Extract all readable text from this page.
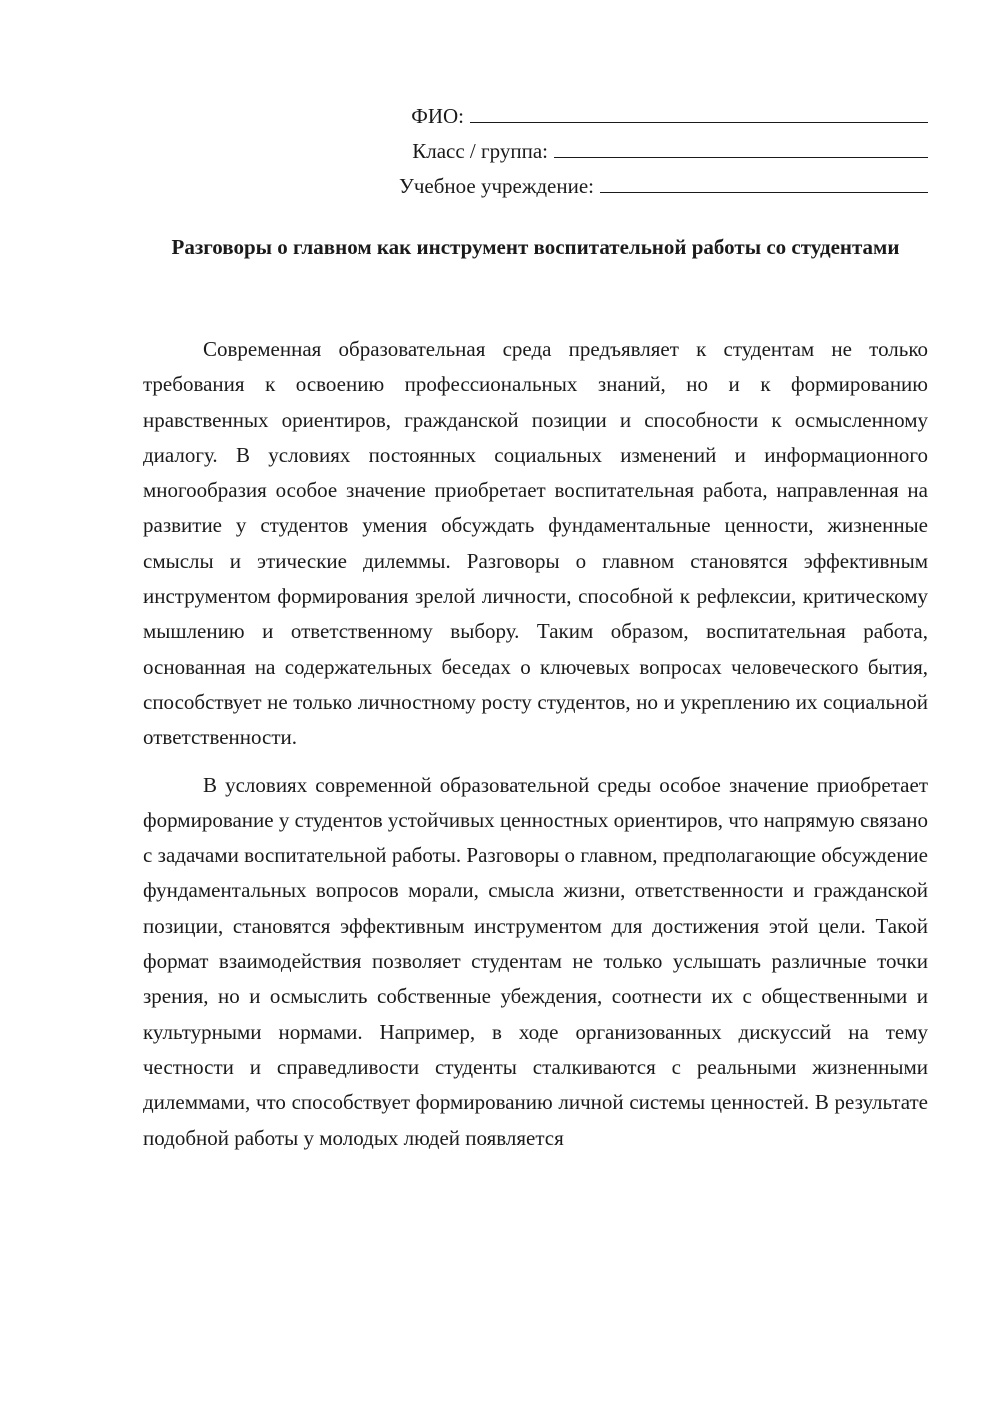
ФИО:
Класс / группа:
Учебное учреждение:
Разговоры о главном как инструмент воспитательной работы со студентами

Современная образовательная среда предъявляет к студентам не только требования к освоению профессиональных знаний, но и к формированию нравственных ориентиров, гражданской позиции и способности к осмысленному диалогу. В условиях постоянных социальных изменений и информационного многообразия особое значение приобретает воспитательная работа, направленная на развитие у студентов умения обсуждать фундаментальные ценности, жизненные смыслы и этические дилеммы. Разговоры о главном становятся эффективным инструментом формирования зрелой личности, способной к рефлексии, критическому мышлению и ответственному выбору. Таким образом, воспитательная работа, основанная на содержательных беседах о ключевых вопросах человеческого бытия, способствует не только личностному росту студентов, но и укреплению их социальной ответственности.

В условиях современной образовательной среды особое значение приобретает формирование у студентов устойчивых ценностных ориентиров, что напрямую связано с задачами воспитательной работы. Разговоры о главном, предполагающие обсуждение фундаментальных вопросов морали, смысла жизни, ответственности и гражданской позиции, становятся эффективным инструментом для достижения этой цели. Такой формат взаимодействия позволяет студентам не только услышать различные точки зрения, но и осмыслить собственные убеждения, соотнести их с общественными и культурными нормами. Например, в ходе организованных дискуссий на тему честности и справедливости студенты сталкиваются с реальными жизненными дилеммами, что способствует формированию личной системы ценностей. В результате подобной работы у молодых людей появляется
